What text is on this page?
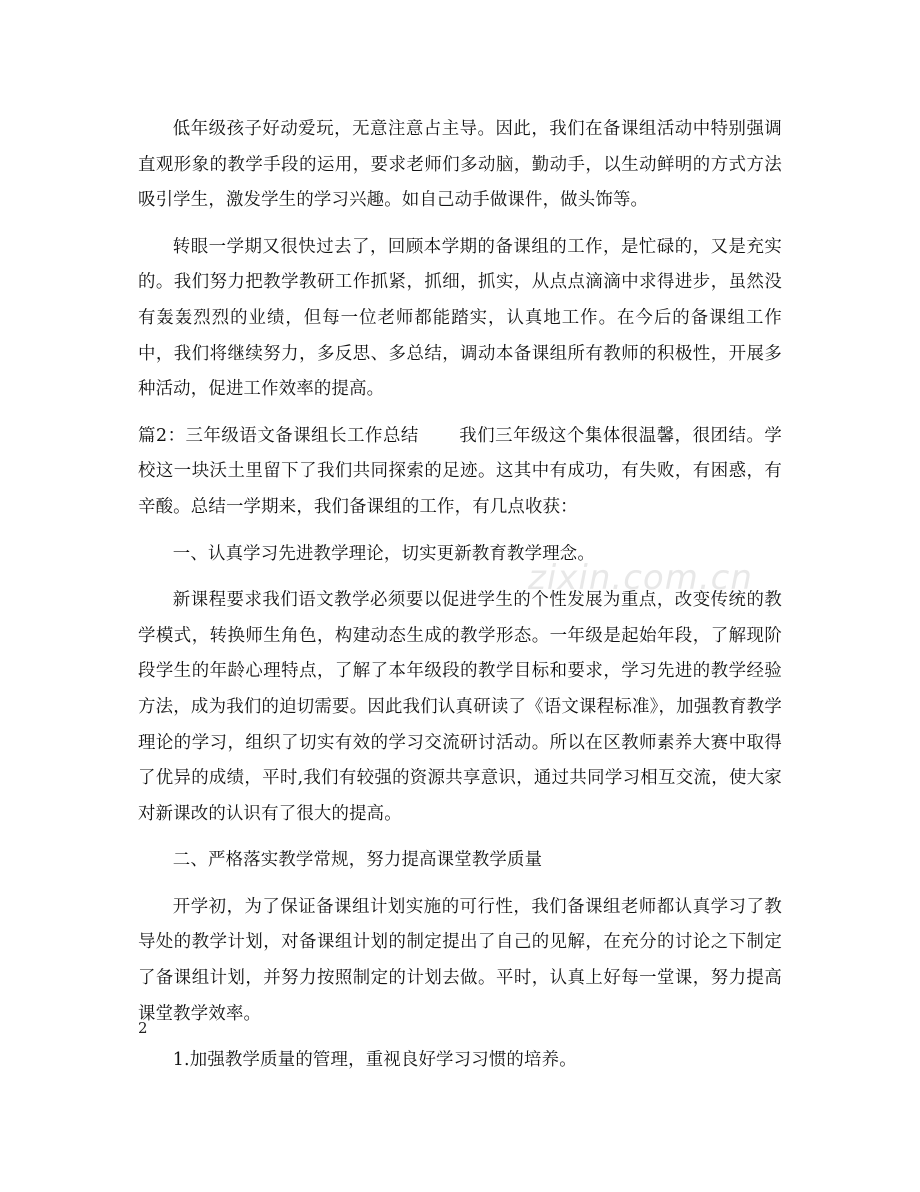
低年级孩子好动爱玩，无意注意占主导。因此，我们在备课组活动中特别强调直观形象的教学手段的运用，要求老师们多动脑，勤动手，以生动鲜明的方式方法吸引学生，激发学生的学习兴趣。如自己动手做课件，做头饰等。

转眼一学期又很快过去了，回顾本学期的备课组的工作，是忙碌的，又是充实的。我们努力把教学教研工作抓紧，抓细，抓实，从点点滴滴中求得进步，虽然没有轰轰烈烈的业绩，但每一位老师都能踏实，认真地工作。在今后的备课组工作中，我们将继续努力，多反思、多总结，调动本备课组所有教师的积极性，开展多种活动，促进工作效率的提高。

篇2：三年级语文备课组长工作总结 我们三年级这个集体很温馨，很团结。学校这一块沃土里留下了我们共同探索的足迹。这其中有成功，有失败，有困惑，有辛酸。总结一学期来，我们备课组的工作，有几点收获：

一、认真学习先进教学理论，切实更新教育教学理念。

新课程要求我们语文教学必须要以促进学生的个性发展为重点，改变传统的教学模式，转换师生角色，构建动态生成的教学形态。一年级是起始年段，了解现阶段学生的年龄心理特点，了解了本年级段的教学目标和要求，学习先进的教学经验方法，成为我们的迫切需要。因此我们认真研读了《语文课程标准》，加强教育教学理论的学习，组织了切实有效的学习交流研讨活动。所以在区教师素养大赛中取得了优异的成绩，平时,我们有较强的资源共享意识，通过共同学习相互交流，使大家对新课改的认识有了很大的提高。

二、严格落实教学常规，努力提高课堂教学质量

开学初，为了保证备课组计划实施的可行性，我们备课组老师都认真学习了教导处的教学计划，对备课组计划的制定提出了自己的见解，在充分的讨论之下制定了备课组计划，并努力按照制定的计划去做。平时，认真上好每一堂课，努力提高课堂教学效率。

1.加强教学质量的管理，重视良好学习习惯的培养。

zixin.com.cn
2
